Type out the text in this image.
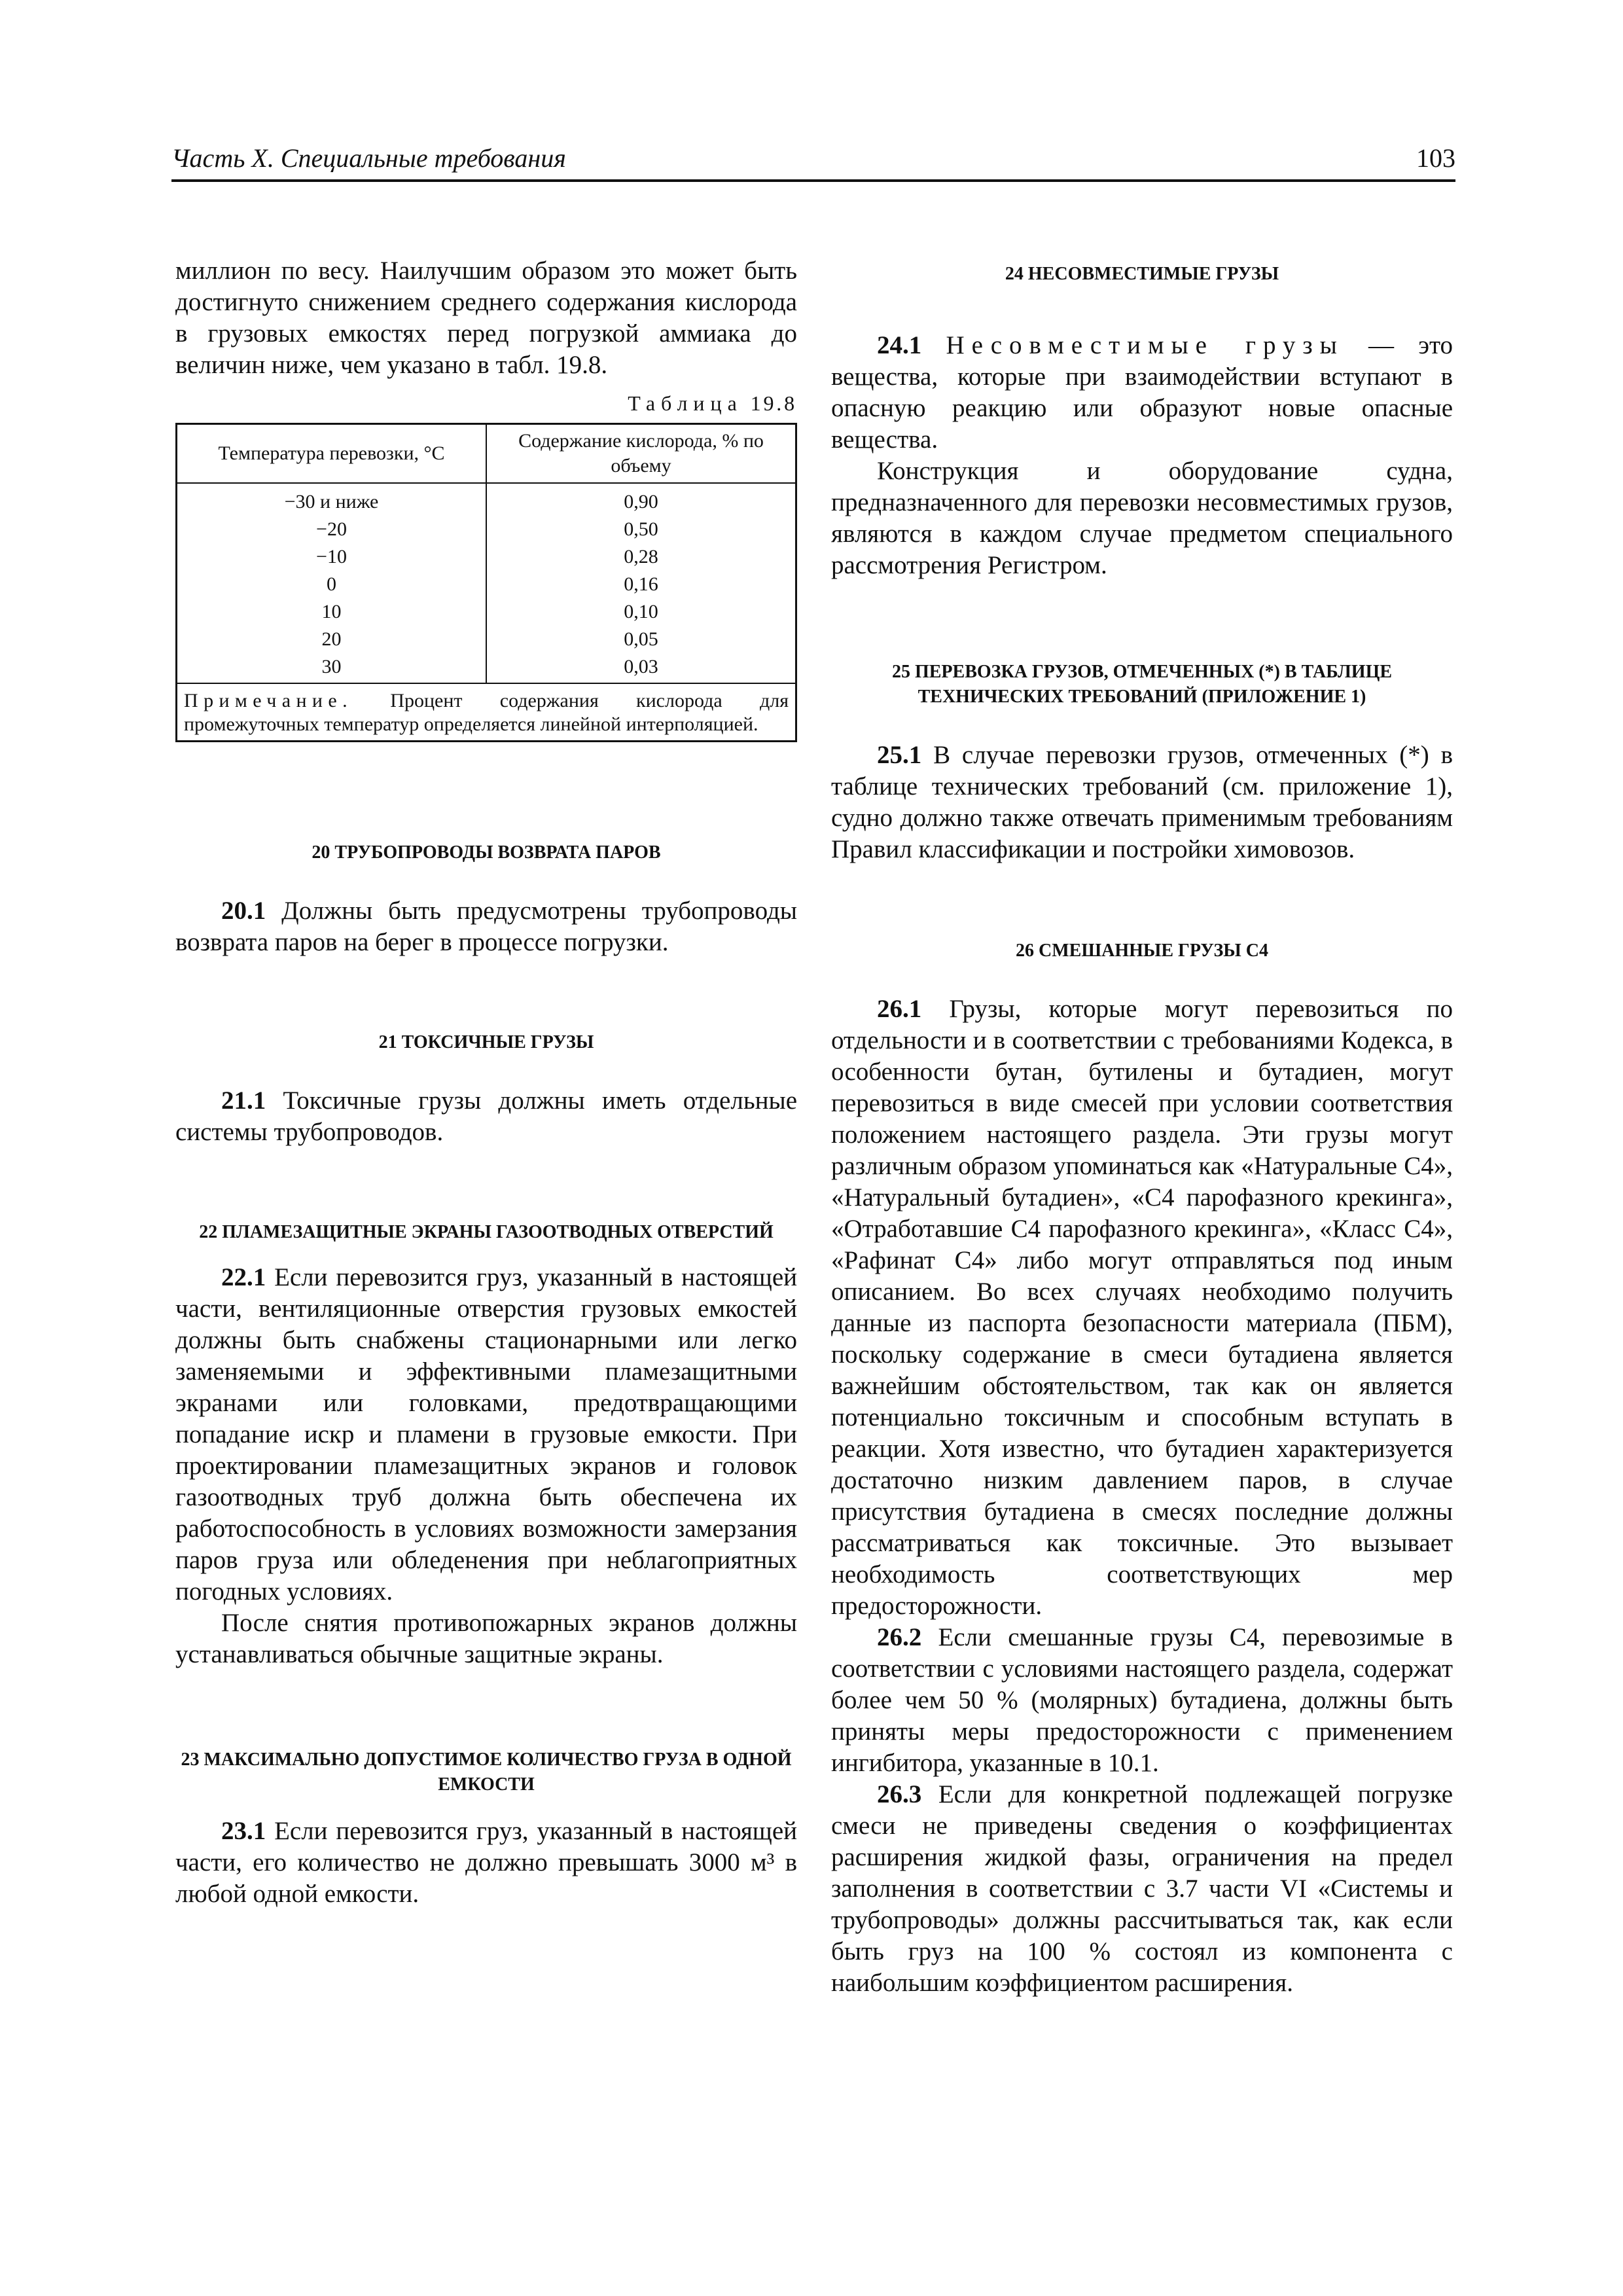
Часть X. Специальные требования	103

миллион по весу. Наилучшим образом это может быть достигнуто снижением среднего содержания кислорода в грузовых емкостях перед погрузкой аммиака до величин ниже, чем указано в табл. 19.8.

Таблица 19.8
Температура перевозки, °C	Содержание кислорода, % по объему
−30 и ниже	0,90
−20	0,50
−10	0,28
0	0,16
10	0,10
20	0,05
30	0,03
Примечание. Процент содержания кислорода для промежуточных температур определяется линейной интерполяцией.	
20 ТРУБОПРОВОДЫ ВОЗВРАТА ПАРОВ

20.1 Должны быть предусмотрены трубопроводы возврата паров на берег в процессе погрузки.

21 ТОКСИЧНЫЕ ГРУЗЫ

21.1 Токсичные грузы должны иметь отдельные системы трубопроводов.

22 ПЛАМЕЗАЩИТНЫЕ ЭКРАНЫ ГАЗООТВОДНЫХ ОТВЕРСТИЙ

22.1 Если перевозится груз, указанный в настоящей части, вентиляционные отверстия грузовых емкостей должны быть снабжены стационарными или легко заменяемыми и эффективными пламезащитными экранами или головками, предотвращающими попадание искр и пламени в грузовые емкости. При проектировании пламезащитных экранов и головок газоотводных труб должна быть обеспечена их работоспособность в условиях возможности замерзания паров груза или обледенения при неблагоприятных погодных условиях.

После снятия противопожарных экранов должны устанавливаться обычные защитные экраны.

23 МАКСИМАЛЬНО ДОПУСТИМОЕ КОЛИЧЕСТВО ГРУЗА В ОДНОЙ ЕМКОСТИ

23.1 Если перевозится груз, указанный в настоящей части, его количество не должно превышать 3000 м³ в любой одной емкости.

24 НЕСОВМЕСТИМЫЕ ГРУЗЫ

24.1 Несовместимые грузы — это вещества, которые при взаимодействии вступают в опасную реакцию или образуют новые опасные вещества.

Конструкция и оборудование судна, предназначенного для перевозки несовместимых грузов, являются в каждом случае предметом специального рассмотрения Регистром.

25 ПЕРЕВОЗКА ГРУЗОВ, ОТМЕЧЕННЫХ (*) В ТАБЛИЦЕ ТЕХНИЧЕСКИХ ТРЕБОВАНИЙ (ПРИЛОЖЕНИЕ 1)

25.1 В случае перевозки грузов, отмеченных (*) в таблице технических требований (см. приложение 1), судно должно также отвечать применимым требованиям Правил классификации и постройки химовозов.

26 СМЕШАННЫЕ ГРУЗЫ С4

26.1 Грузы, которые могут перевозиться по отдельности и в соответствии с требованиями Кодекса, в особенности бутан, бутилены и бутадиен, могут перевозиться в виде смесей при условии соответствия положением настоящего раздела. Эти грузы могут различным образом упоминаться как «Натуральные С4», «Натуральный бутадиен», «С4 парофазного крекинга», «Отработавшие С4 парофазного крекинга», «Класс С4», «Рафинат С4» либо могут отправляться под иным описанием. Во всех случаях необходимо получить данные из паспорта безопасности материала (ПБМ), поскольку содержание в смеси бутадиена является важнейшим обстоятельством, так как он является потенциально токсичным и способным вступать в реакции. Хотя известно, что бутадиен характеризуется достаточно низким давлением паров, в случае присутствия бутадиена в смесях последние должны рассматриваться как токсичные. Это вызывает необходимость соответствующих мер предосторожности.

26.2 Если смешанные грузы С4, перевозимые в соответствии с условиями настоящего раздела, содержат более чем 50 % (молярных) бутадиена, должны быть приняты меры предосторожности с применением ингибитора, указанные в 10.1.

26.3 Если для конкретной подлежащей погрузке смеси не приведены сведения о коэффициентах расширения жидкой фазы, ограничения на предел заполнения в соответствии с 3.7 части VI «Системы и трубопроводы» должны рассчитываться так, как если быть груз на 100 % состоял из компонента с наибольшим коэффициентом расширения.
